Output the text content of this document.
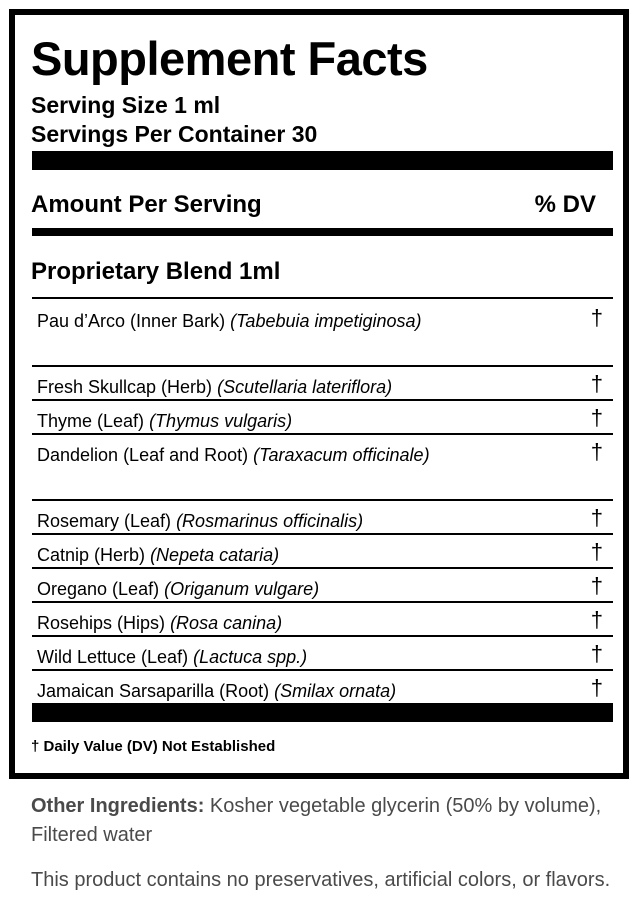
Supplement Facts
Serving Size 1 ml
Servings Per Container 30
Amount Per Serving	% DV
Proprietary Blend 1ml
Pau d’Arco (Inner Bark) (Tabebuia impetiginosa)	†
Fresh Skullcap (Herb) (Scutellaria lateriflora)	†
Thyme (Leaf) (Thymus vulgaris)	†
Dandelion (Leaf and Root) (Taraxacum officinale)	†
Rosemary (Leaf) (Rosmarinus officinalis)	†
Catnip (Herb) (Nepeta cataria)	†
Oregano (Leaf) (Origanum vulgare)	†
Rosehips (Hips) (Rosa canina)	†
Wild Lettuce (Leaf) (Lactuca spp.)	†
Jamaican Sarsaparilla (Root) (Smilax ornata)	†
† Daily Value (DV) Not Established
Other Ingredients: Kosher vegetable glycerin (50% by volume), Filtered water
This product contains no preservatives, artificial colors, or flavors.
